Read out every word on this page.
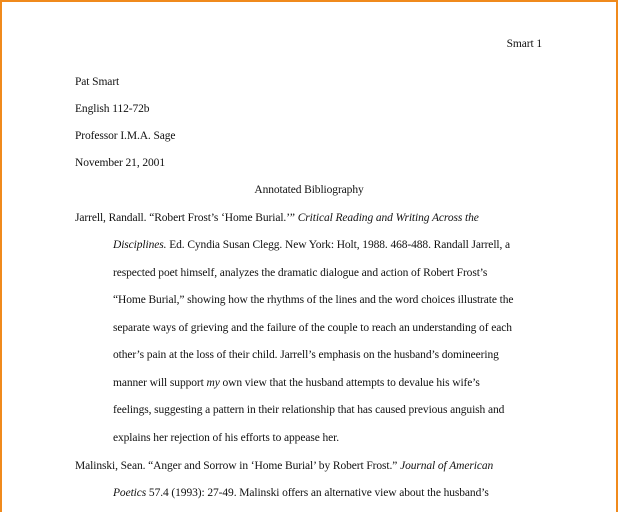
Smart 1
Pat Smart
English 112-72b
Professor I.M.A. Sage
November 21, 2001
Annotated Bibliography
Jarrell, Randall. “Robert Frost’s ‘Home Burial.’” Critical Reading and Writing Across the
Disciplines. Ed. Cyndia Susan Clegg. New York: Holt, 1988. 468-488. Randall Jarrell, a
respected poet himself, analyzes the dramatic dialogue and action of Robert Frost’s
“Home Burial,” showing how the rhythms of the lines and the word choices illustrate the
separate ways of grieving and the failure of the couple to reach an understanding of each
other’s pain at the loss of their child. Jarrell’s emphasis on the husband’s domineering
manner will support my own view that the husband attempts to devalue his wife’s
feelings, suggesting a pattern in their relationship that has caused previous anguish and
explains her rejection of his efforts to appease her.
Malinski, Sean. “Anger and Sorrow in ‘Home Burial’ by Robert Frost.” Journal of American
Poetics 57.4 (1993): 27-49. Malinski offers an alternative view about the husband’s
